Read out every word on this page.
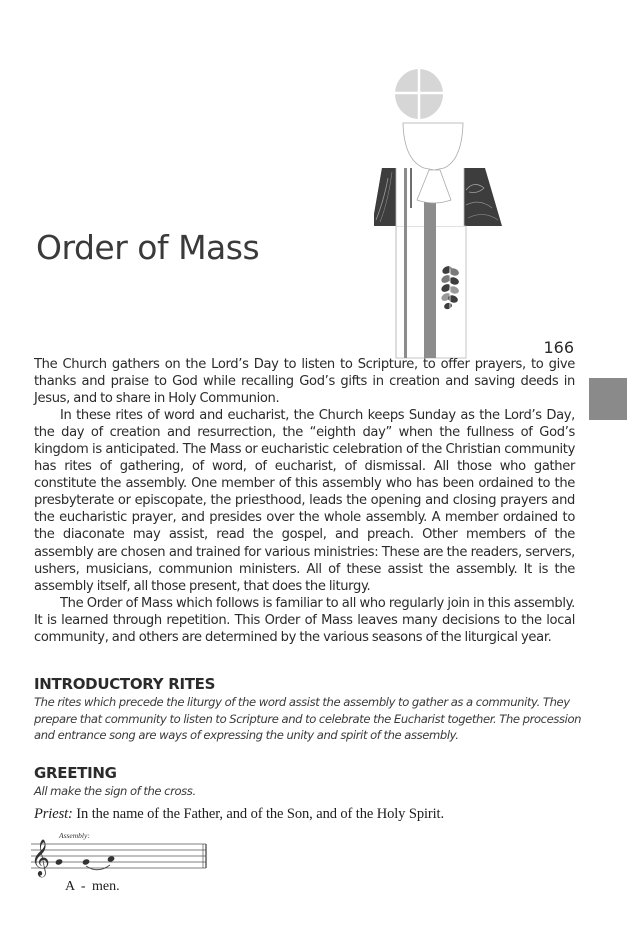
Order of Mass
166

The Church gathers on the Lord’s Day to listen to Scripture, to offer prayers, to give thanks and praise to God while recalling God’s gifts in creation and saving deeds in Jesus, and to share in Holy Communion.

In these rites of word and eucharist, the Church keeps Sunday as the Lord’s Day, the day of creation and resurrection, the “eighth day” when the fullness of God’s kingdom is anticipated. The Mass or eucharistic celebration of the Christian community has rites of gathering, of word, of eucharist, of dismissal. All those who gather constitute the assembly. One member of this assembly who has been ordained to the presbyterate or episcopate, the priesthood, leads the opening and closing prayers and the eucharistic prayer, and presides over the whole assembly. A member ordained to the diaconate may assist, read the gospel, and preach. Other members of the assembly are chosen and trained for various ministries: These are the readers, servers, ushers, musicians, communion ministers. All of these assist the assembly. It is the assembly itself, all those present, that does the liturgy.

The Order of Mass which follows is familiar to all who regularly join in this assembly. It is learned through repetition. This Order of Mass leaves many decisions to the local community, and others are determined by the various seasons of the liturgical year.

INTRODUCTORY RITES

The rites which precede the liturgy of the word assist the assembly to gather as a community. They prepare that community to listen to Scripture and to celebrate the Eucharist together. The procession and entrance song are ways of expressing the unity and spirit of the assembly.

GREETING

All make the sign of the cross.

Priest: In the name of the Father, and of the Son, and of the Holy Spirit.

Assembly:
𝄞
A - men.
